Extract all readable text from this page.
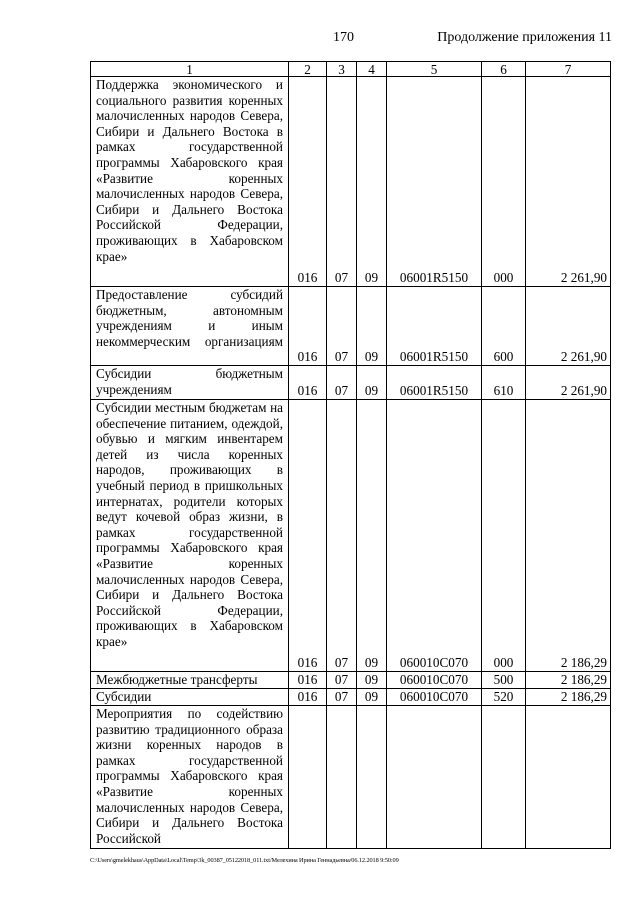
170	Продолжение приложения 11
1	2	3	4	5	6	7
Поддержка экономического и социального развития коренных малочисленных народов Севера, Сибири и Дальнего Востока в рамках государственной программы Хабаровского края «Развитие коренных малочисленных народов Севера, Сибири и Дальнего Востока Российской Федерации, проживающих в Хабаровском крае»	016	07	09	06001R5150	000	2 261,90
Предоставление субсидий бюджетным, автономным учреждениям и иным некоммерческим организациям	016	07	09	06001R5150	600	2 261,90
Субсидии бюджетным учреждениям	016	07	09	06001R5150	610	2 261,90
Субсидии местным бюджетам на обеспечение питанием, одеждой, обувью и мягким инвентарем детей из числа коренных народов, проживающих в учебный период в пришкольных интернатах, родители которых ведут кочевой образ жизни, в рамках государственной программы Хабаровского края «Развитие коренных малочисленных народов Севера, Сибири и Дальнего Востока Российской Федерации, проживающих в Хабаровском крае»	016	07	09	060010С070	000	2 186,29
Межбюджетные трансферты	016	07	09	060010С070	500	2 186,29
Субсидии	016	07	09	060010С070	520	2 186,29
Мероприятия по содействию развитию традиционного образа жизни коренных народов в рамках государственной программы Хабаровского края «Развитие коренных малочисленных народов Севера, Сибири и Дальнего Востока Российской						
C:\Users\gmelekhaus\AppData\Local\Temp\3k_00387_05122018_011.txt/Мелехина Ирина Геннадьевна/06.12.2018 9:50:09
